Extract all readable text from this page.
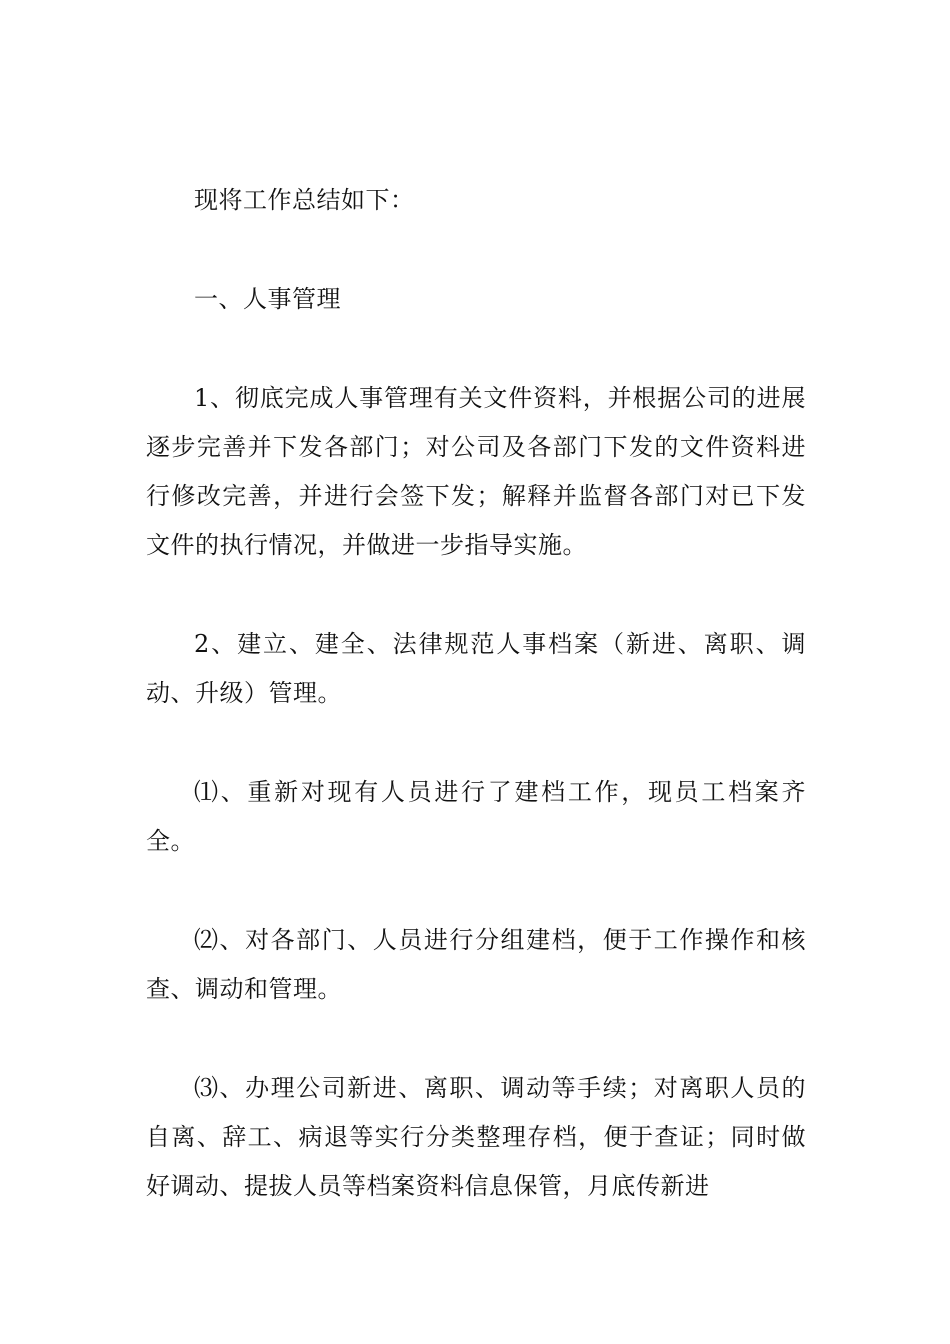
现将工作总结如下：

一、人事管理

1、彻底完成人事管理有关文件资料，并根据公司的进展逐步完善并下发各部门；对公司及各部门下发的文件资料进行修改完善，并进行会签下发；解释并监督各部门对已下发文件的执行情况，并做进一步指导实施。

2、建立、建全、法律规范人事档案（新进、离职、调动、升级）管理。

⑴、重新对现有人员进行了建档工作，现员工档案齐全。

⑵、对各部门、人员进行分组建档，便于工作操作和核查、调动和管理。

⑶、办理公司新进、离职、调动等手续；对离职人员的自离、辞工、病退等实行分类整理存档，便于查证；同时做好调动、提拔人员等档案资料信息保管，月底传新进
